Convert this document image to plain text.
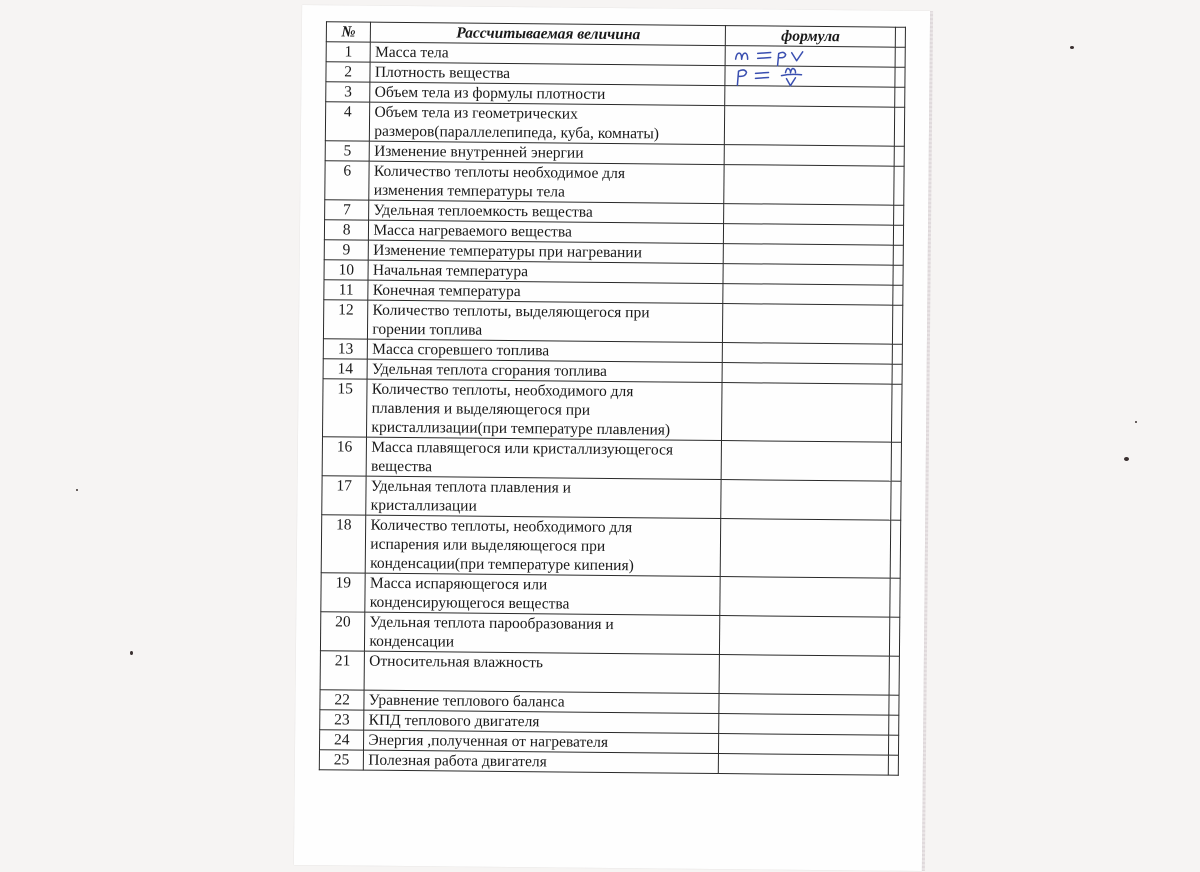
№	Рассчитываемая величина	формула	
1	Масса тела

2	Плотность вещества

3	Объем тела из формулы плотности		

4	Объем тела из геометрических
размеров(параллелепипеда, куба, комнаты)		

5	Изменение внутренней энергии		

6	Количество теплоты необходимое для
изменения температуры тела		

7	Удельная теплоемкость вещества		

8	Масса нагреваемого вещества		

9	Изменение температуры при нагревании		

10	Начальная температура		

11	Конечная температура		

12	Количество теплоты, выделяющегося при
горении топлива		

13	Масса сгоревшего топлива		

14	Удельная теплота сгорания топлива		

15	Количество теплоты, необходимого для
плавления и выделяющегося при
кристаллизации(при температуре плавления)		

16	Масса плавящегося или кристаллизующегося
вещества		

17	Удельная теплота плавления и
кристаллизации		

18	Количество теплоты, необходимого для
испарения или выделяющегося при
конденсации(при температуре кипения)		

19	Масса испаряющегося или
конденсирующегося вещества		

20	Удельная теплота парообразования и
конденсации		

21	Относительная влажность		

22	Уравнение теплового баланса		

23	КПД теплового двигателя		

24	Энергия ,полученная от нагревателя		

25	Полезная работа двигателя		
